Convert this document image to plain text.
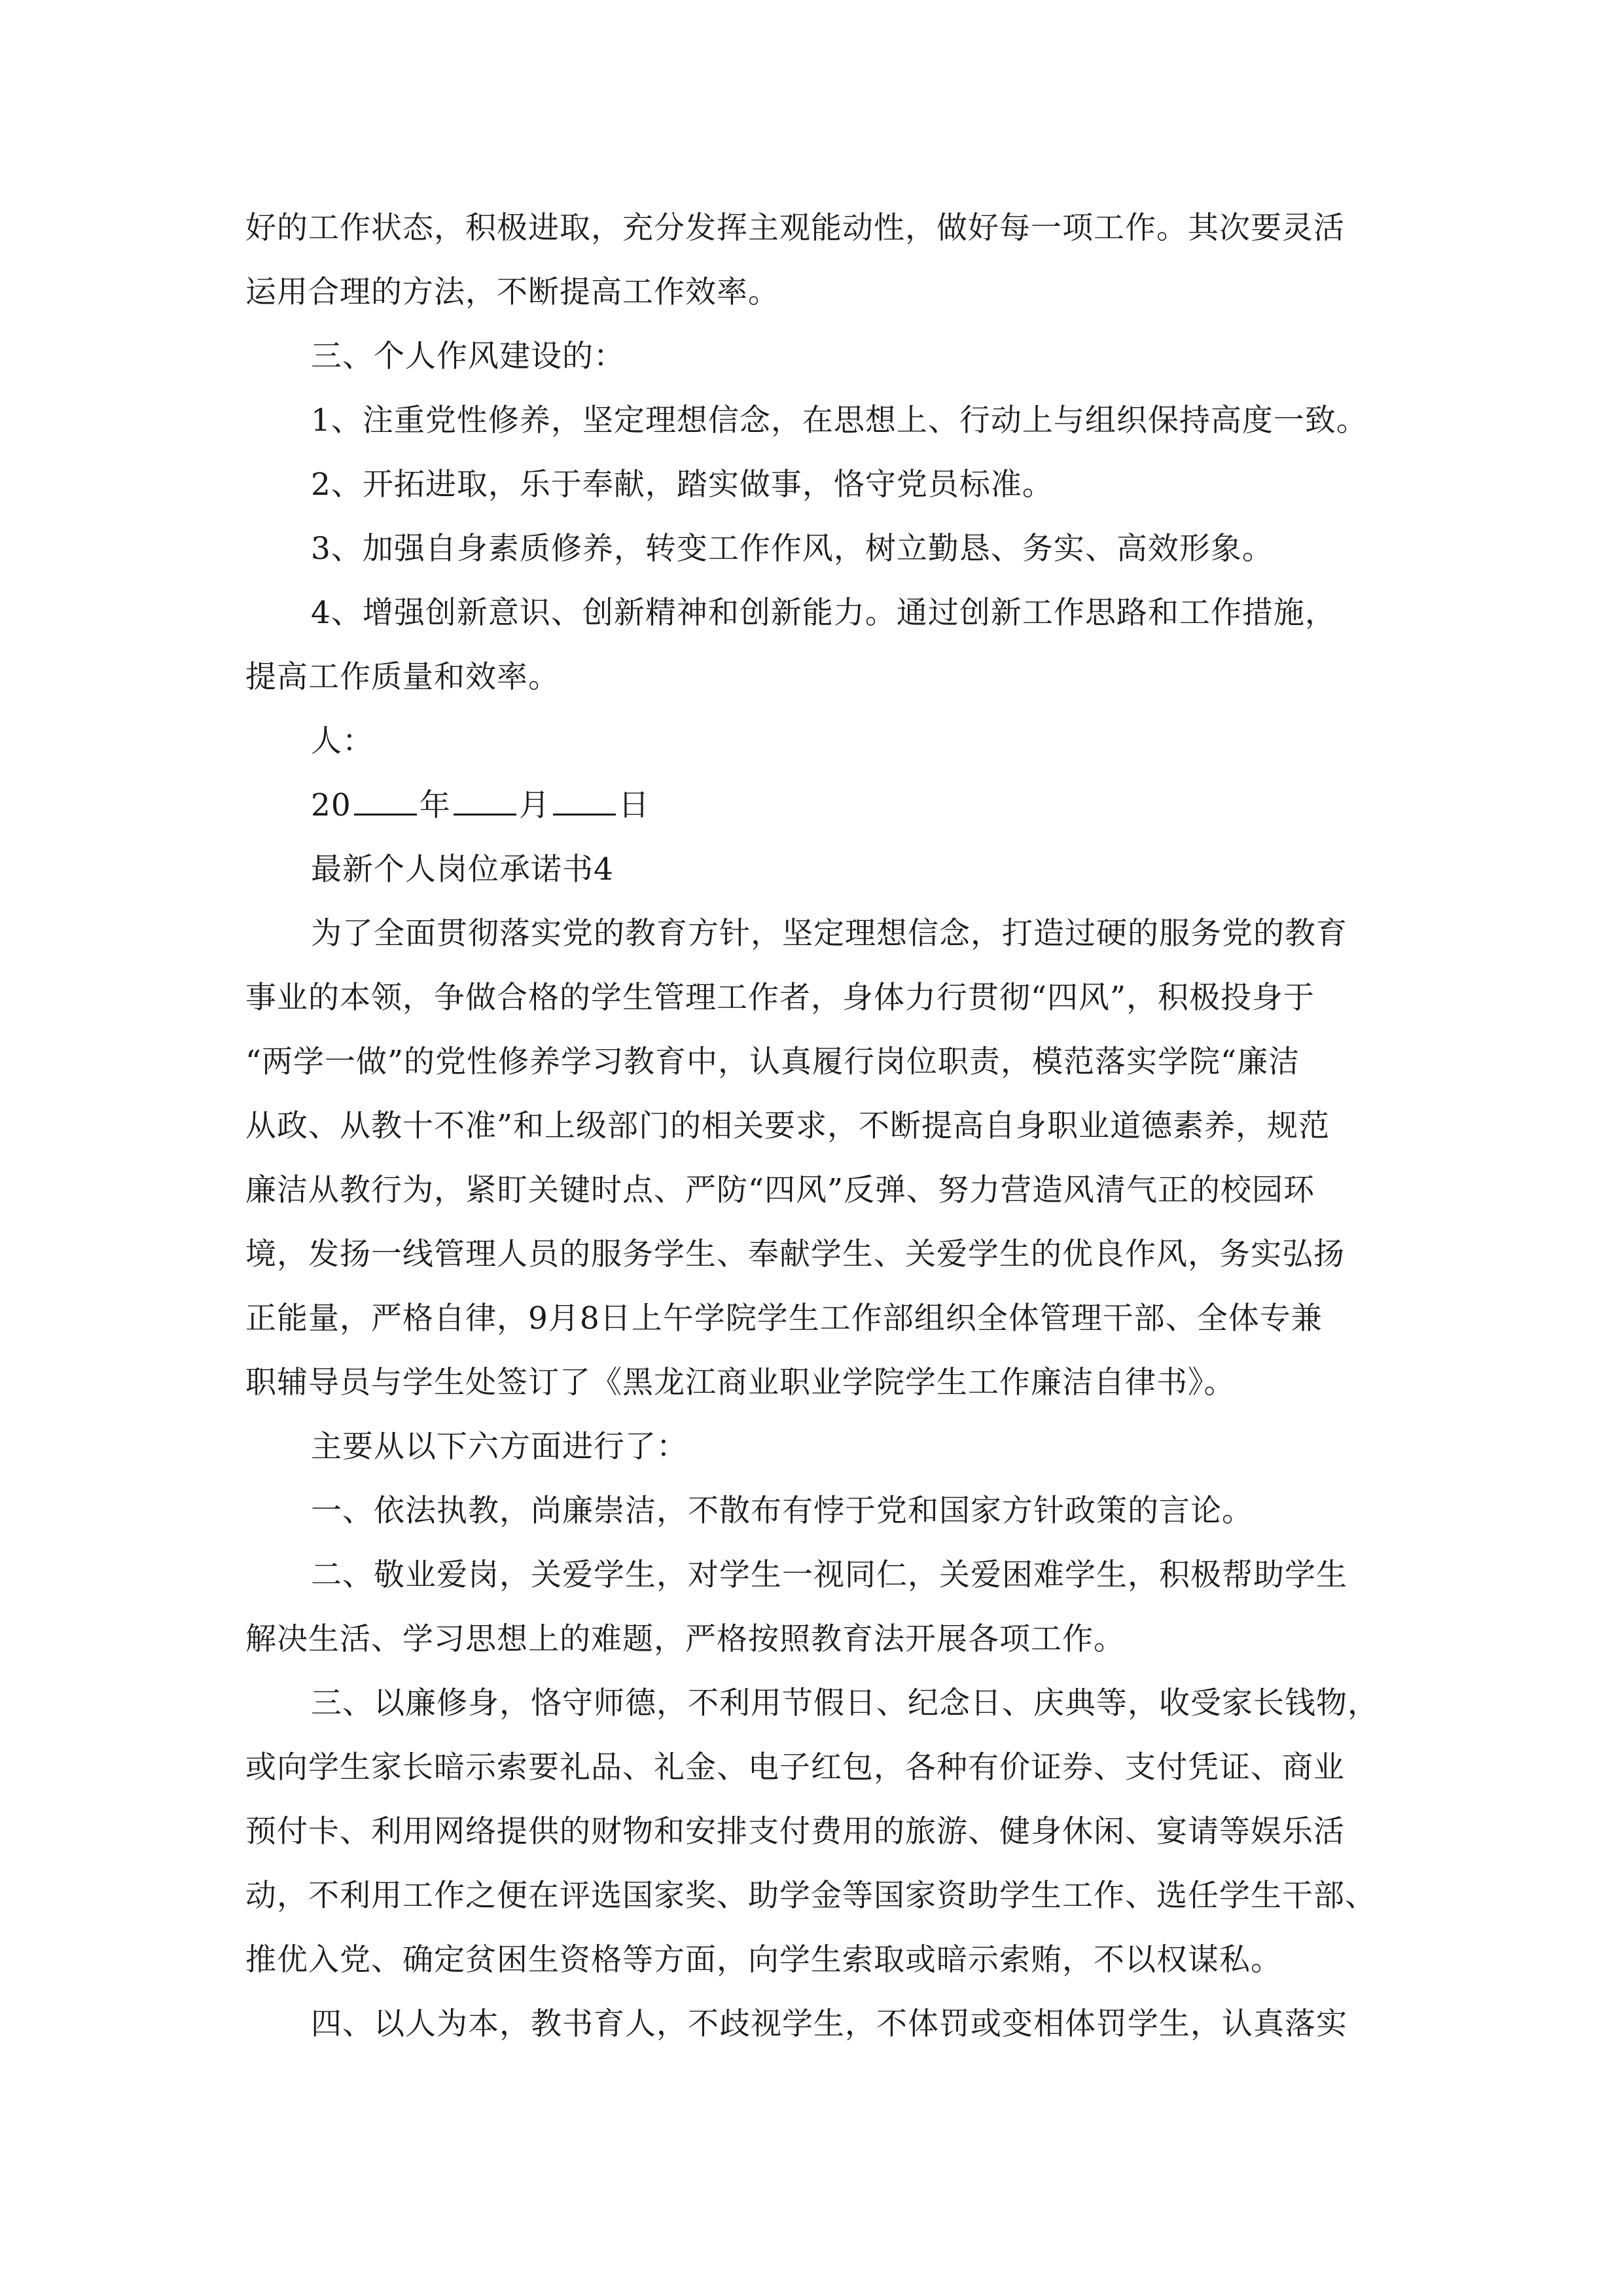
好的工作状态，积极进取，充分发挥主观能动性，做好每一项工作。其次要灵活
运用合理的方法，不断提高工作效率。
三、个人作风建设的：
1、注重党性修养，坚定理想信念，在思想上、行动上与组织保持高度一致。
2、开拓进取，乐于奉献，踏实做事，恪守党员标准。
3、加强自身素质修养，转变工作作风，树立勤恳、务实、高效形象。
4、增强创新意识、创新精神和创新能力。通过创新工作思路和工作措施，
提高工作质量和效率。
人：
20 年 月 日
最新个人岗位承诺书4
为了全面贯彻落实党的教育方针，坚定理想信念，打造过硬的服务党的教育
事业的本领，争做合格的学生管理工作者，身体力行贯彻“四风”，积极投身于
“两学一做”的党性修养学习教育中，认真履行岗位职责，模范落实学院“廉洁
从政、从教十不准”和上级部门的相关要求，不断提高自身职业道德素养，规范
廉洁从教行为，紧盯关键时点、严防“四风”反弹、努力营造风清气正的校园环
境，发扬一线管理人员的服务学生、奉献学生、关爱学生的优良作风，务实弘扬
正能量，严格自律，9月8日上午学院学生工作部组织全体管理干部、全体专兼
职辅导员与学生处签订了《黑龙江商业职业学院学生工作廉洁自律书》。
主要从以下六方面进行了：
一、依法执教，尚廉崇洁，不散布有悖于党和国家方针政策的言论。
二、敬业爱岗，关爱学生，对学生一视同仁，关爱困难学生，积极帮助学生
解决生活、学习思想上的难题，严格按照教育法开展各项工作。
三、以廉修身，恪守师德，不利用节假日、纪念日、庆典等，收受家长钱物，
或向学生家长暗示索要礼品、礼金、电子红包，各种有价证券、支付凭证、商业
预付卡、利用网络提供的财物和安排支付费用的旅游、健身休闲、宴请等娱乐活
动，不利用工作之便在评选国家奖、助学金等国家资助学生工作、选任学生干部、
推优入党、确定贫困生资格等方面，向学生索取或暗示索贿，不以权谋私。
四、以人为本，教书育人，不歧视学生，不体罚或变相体罚学生，认真落实
